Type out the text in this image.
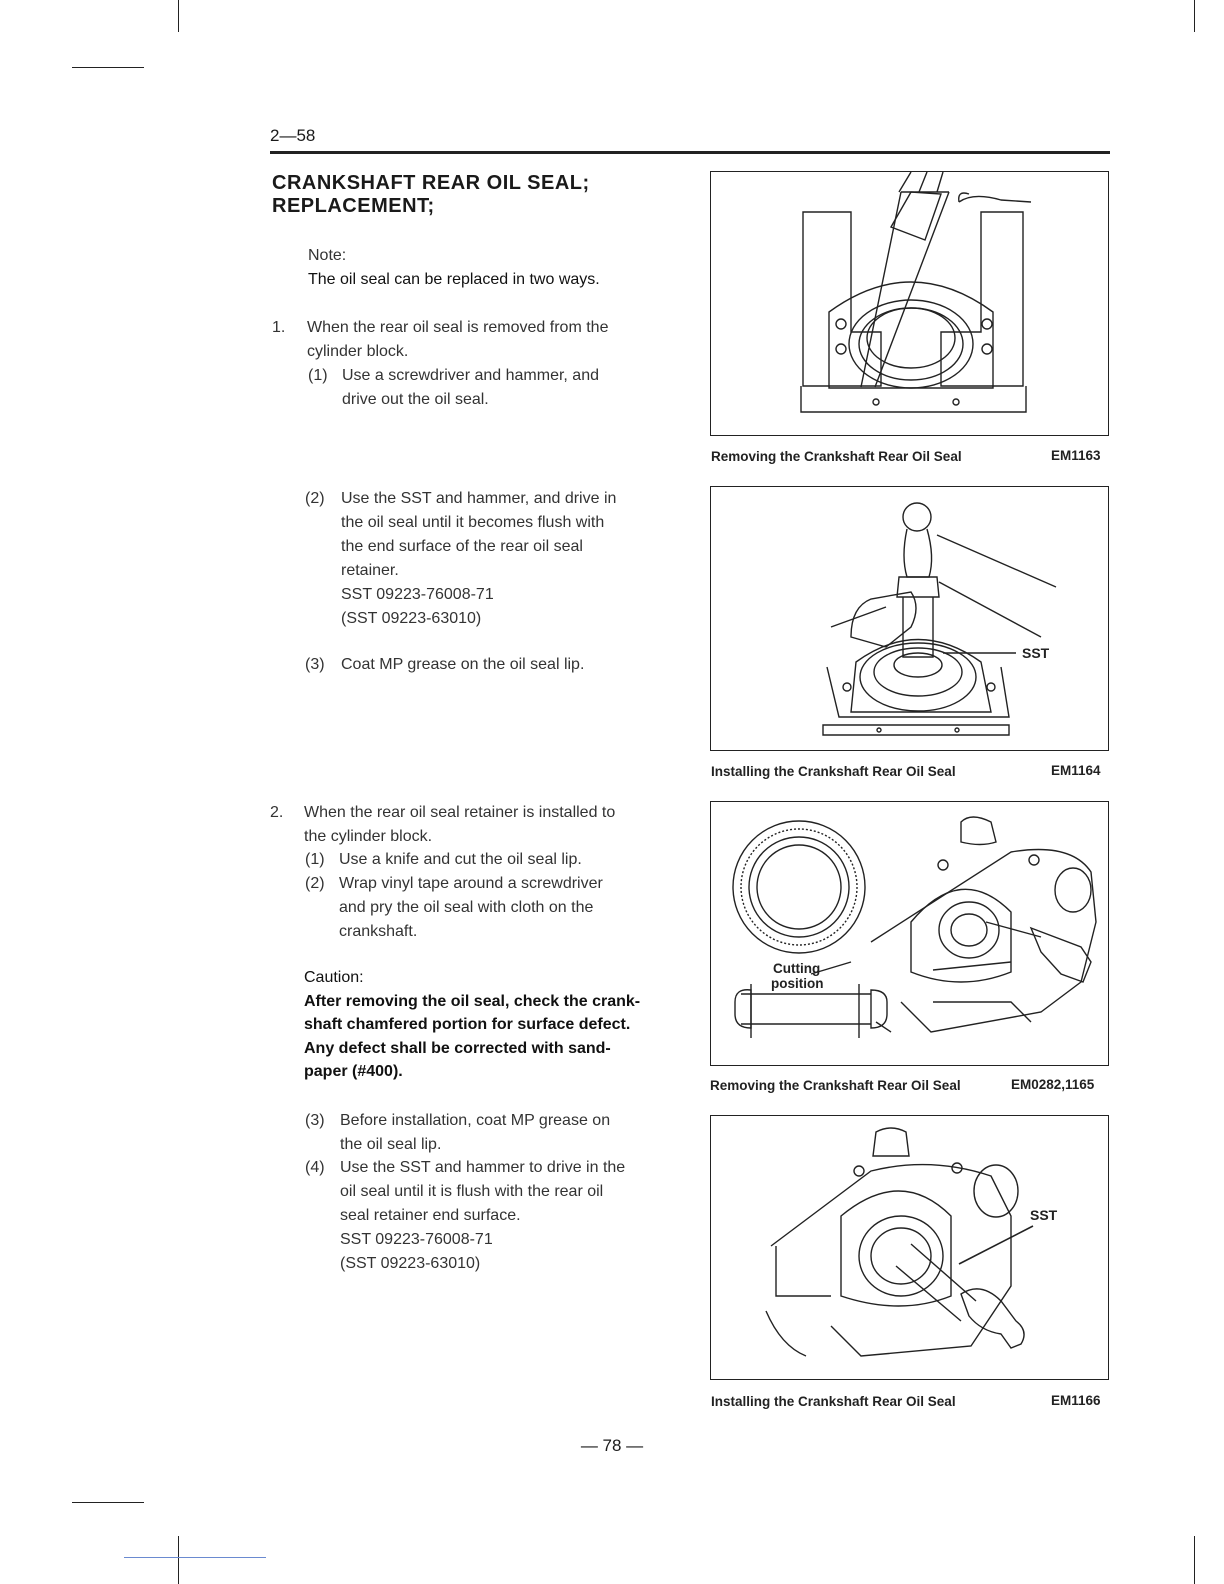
2—58
CRANKSHAFT REAR OIL SEAL;
REPLACEMENT;
Note:
The oil seal can be replaced in two ways.
1. When the rear oil seal is removed from the
cylinder block.
(1) Use a screwdriver and hammer, and
drive out the oil seal.
(2) Use the SST and hammer, and drive in
the oil seal until it becomes flush with
the end surface of the rear oil seal
retainer.
SST 09223-76008-71
(SST 09223-63010)
(3) Coat MP grease on the oil seal lip.
2. When the rear oil seal retainer is installed to
the cylinder block.
(1) Use a knife and cut the oil seal lip.
(2) Wrap vinyl tape around a screwdriver
and pry the oil seal with cloth on the
crankshaft.
Caution:
After removing the oil seal, check the crank-
shaft chamfered portion for surface defect.
Any defect shall be corrected with sand-
paper (#400).
(3) Before installation, coat MP grease on
the oil seal lip.
(4) Use the SST and hammer to drive in the
oil seal until it is flush with the rear oil
seal retainer end surface.
SST 09223-76008-71
(SST 09223-63010)
Removing the Crankshaft Rear Oil Seal	EM1163
SST
Installing the Crankshaft Rear Oil Seal	EM1164
Cutting
position
Removing the Crankshaft Rear Oil Seal	EM0282,1165
SST
Installing the Crankshaft Rear Oil Seal	EM1166
— 78 —
